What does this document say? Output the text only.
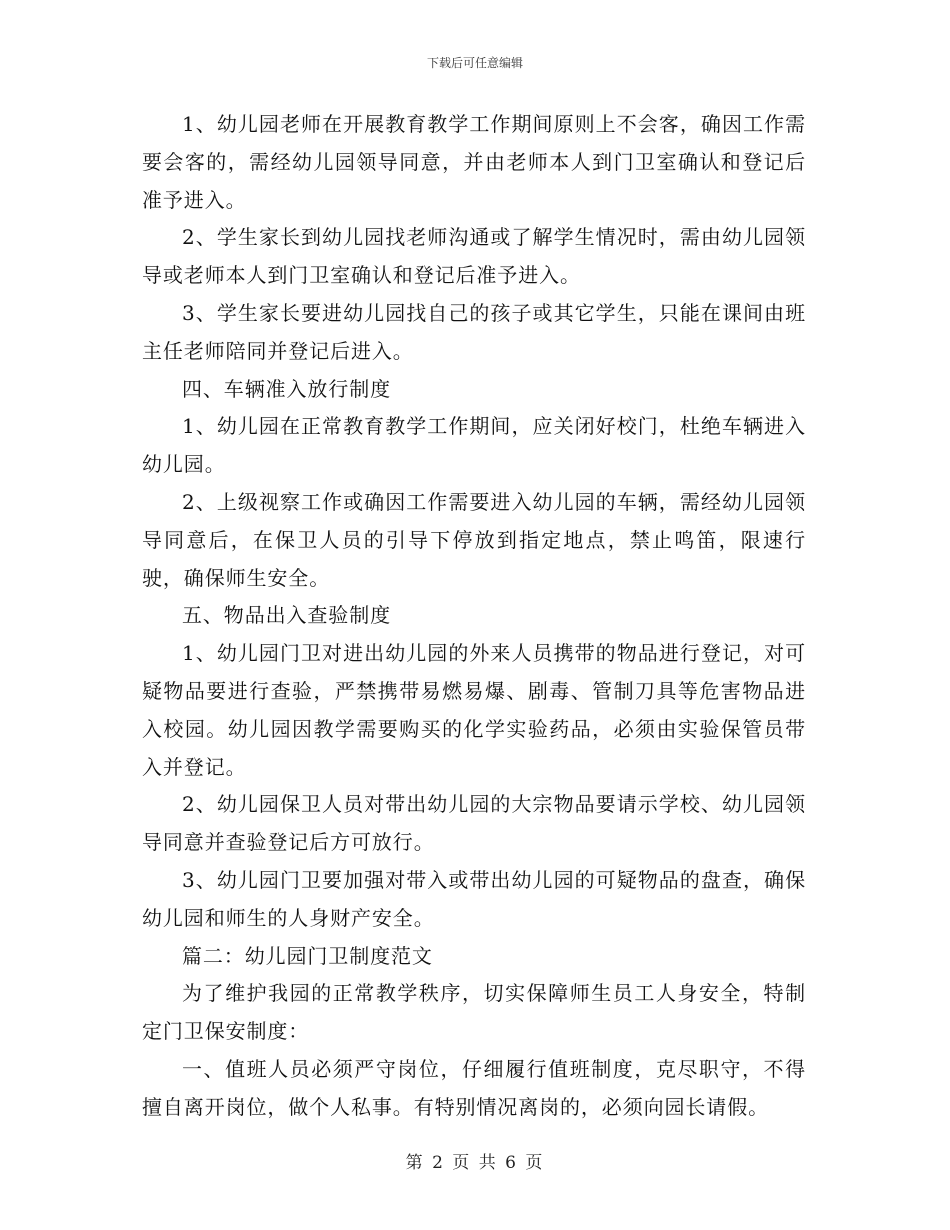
下载后可任意编辑

1、幼儿园老师在开展教育教学工作期间原则上不会客，确因工作需要会客的，需经幼儿园领导同意，并由老师本人到门卫室确认和登记后准予进入。

2、学生家长到幼儿园找老师沟通或了解学生情况时，需由幼儿园领导或老师本人到门卫室确认和登记后准予进入。

3、学生家长要进幼儿园找自己的孩子或其它学生，只能在课间由班主任老师陪同并登记后进入。

四、车辆准入放行制度

1、幼儿园在正常教育教学工作期间，应关闭好校门，杜绝车辆进入幼儿园。

2、上级视察工作或确因工作需要进入幼儿园的车辆，需经幼儿园领导同意后，在保卫人员的引导下停放到指定地点，禁止鸣笛，限速行驶，确保师生安全。

五、物品出入查验制度

1、幼儿园门卫对进出幼儿园的外来人员携带的物品进行登记，对可疑物品要进行查验，严禁携带易燃易爆、剧毒、管制刀具等危害物品进入校园。幼儿园因教学需要购买的化学实验药品，必须由实验保管员带入并登记。

2、幼儿园保卫人员对带出幼儿园的大宗物品要请示学校、幼儿园领导同意并查验登记后方可放行。

3、幼儿园门卫要加强对带入或带出幼儿园的可疑物品的盘查，确保幼儿园和师生的人身财产安全。

篇二：幼儿园门卫制度范文

为了维护我园的正常教学秩序，切实保障师生员工人身安全，特制定门卫保安制度：

一、值班人员必须严守岗位，仔细履行值班制度，克尽职守，不得擅自离开岗位，做个人私事。有特别情况离岗的，必须向园长请假。

第 2 页 共 6 页
